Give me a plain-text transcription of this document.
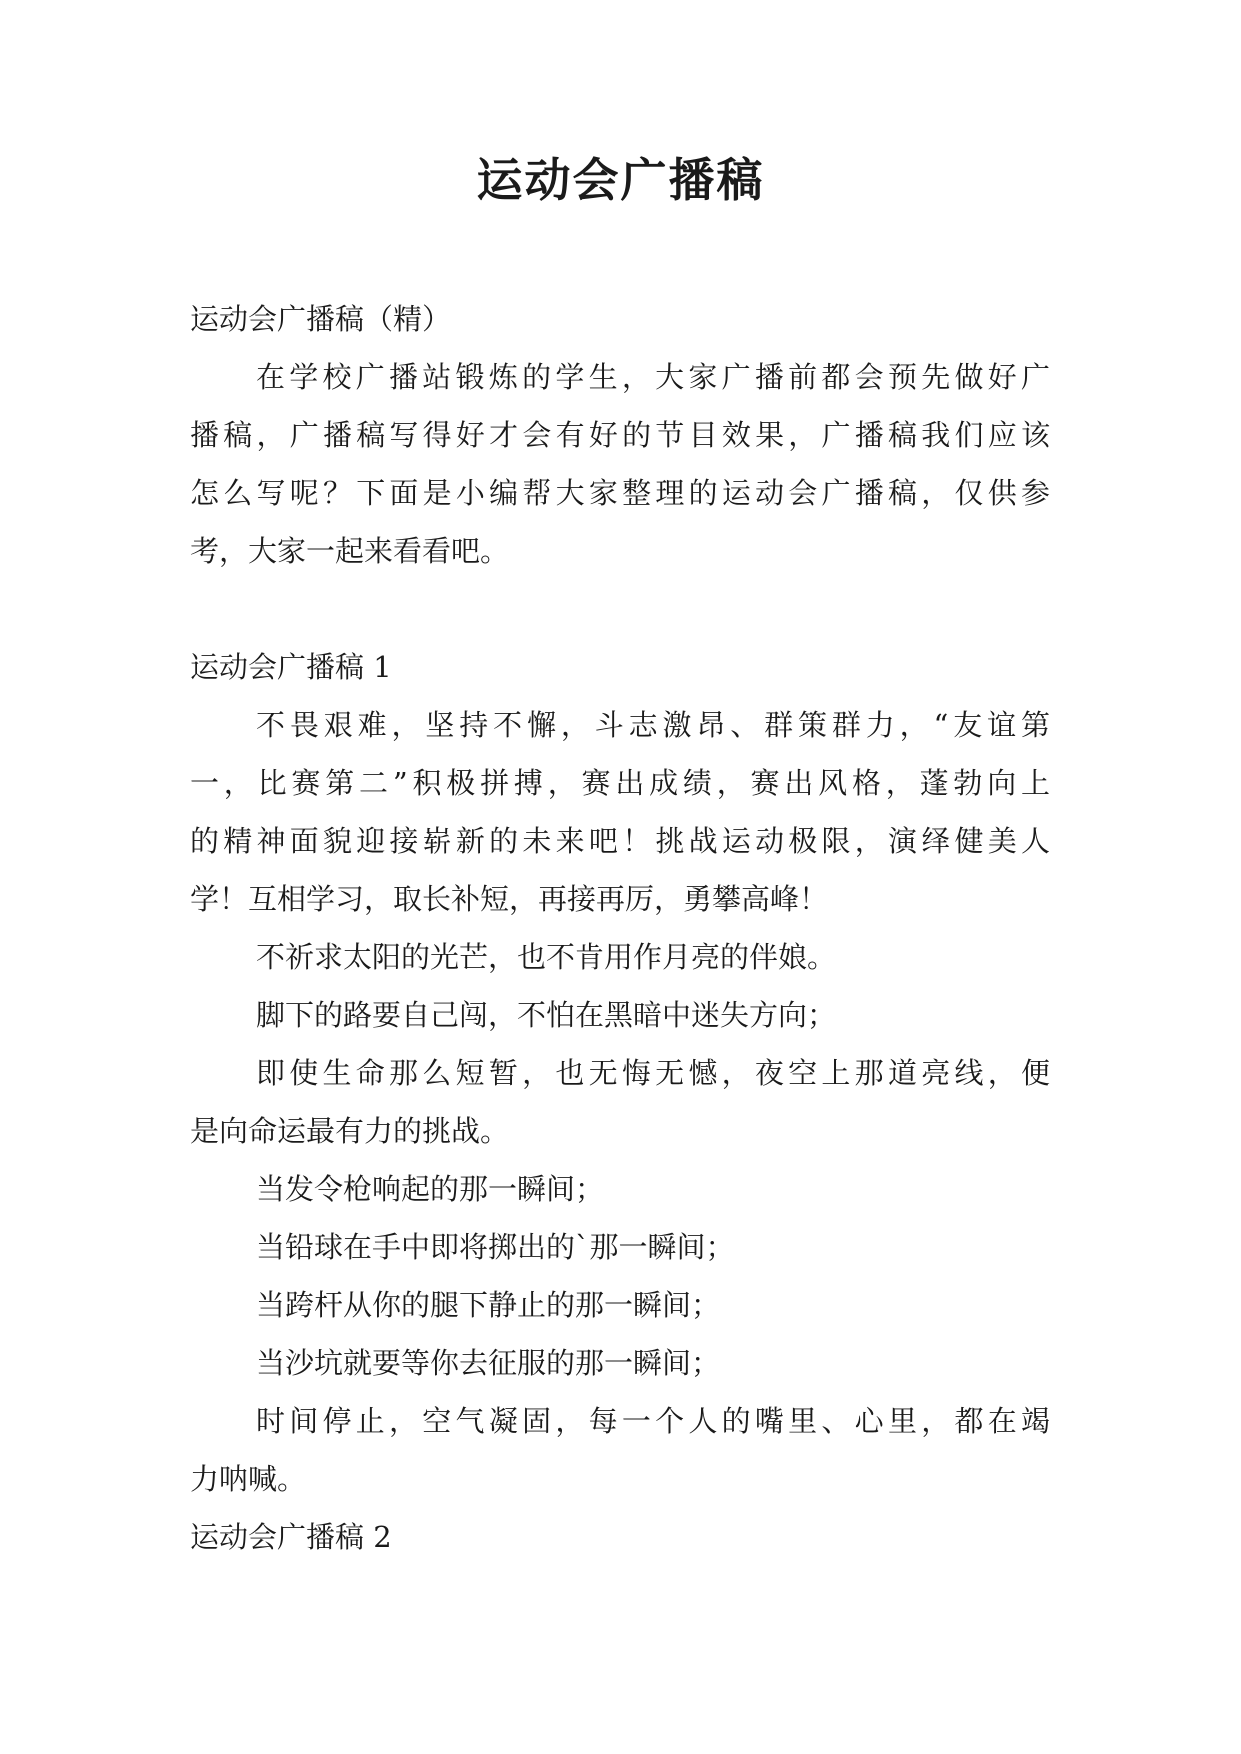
运动会广播稿

运动会广播稿（精）

在学校广播站锻炼的学生，大家广播前都会预先做好广

播稿，广播稿写得好才会有好的节目效果，广播稿我们应该

怎么写呢？下面是小编帮大家整理的运动会广播稿，仅供参

考，大家一起来看看吧。

运动会广播稿 1

不畏艰难，坚持不懈，斗志激昂、群策群力，“友谊第

一，比赛第二”积极拼搏，赛出成绩，赛出风格，蓬勃向上

的精神面貌迎接崭新的未来吧！挑战运动极限，演绎健美人

学！互相学习，取长补短，再接再厉，勇攀高峰！

不祈求太阳的光芒，也不肯用作月亮的伴娘。

脚下的路要自己闯，不怕在黑暗中迷失方向；

即使生命那么短暂，也无悔无憾，夜空上那道亮线，便

是向命运最有力的挑战。

当发令枪响起的那一瞬间；

当铅球在手中即将掷出的`那一瞬间；

当跨杆从你的腿下静止的那一瞬间；

当沙坑就要等你去征服的那一瞬间；

时间停止，空气凝固，每一个人的嘴里、心里，都在竭

力呐喊。

运动会广播稿 2
